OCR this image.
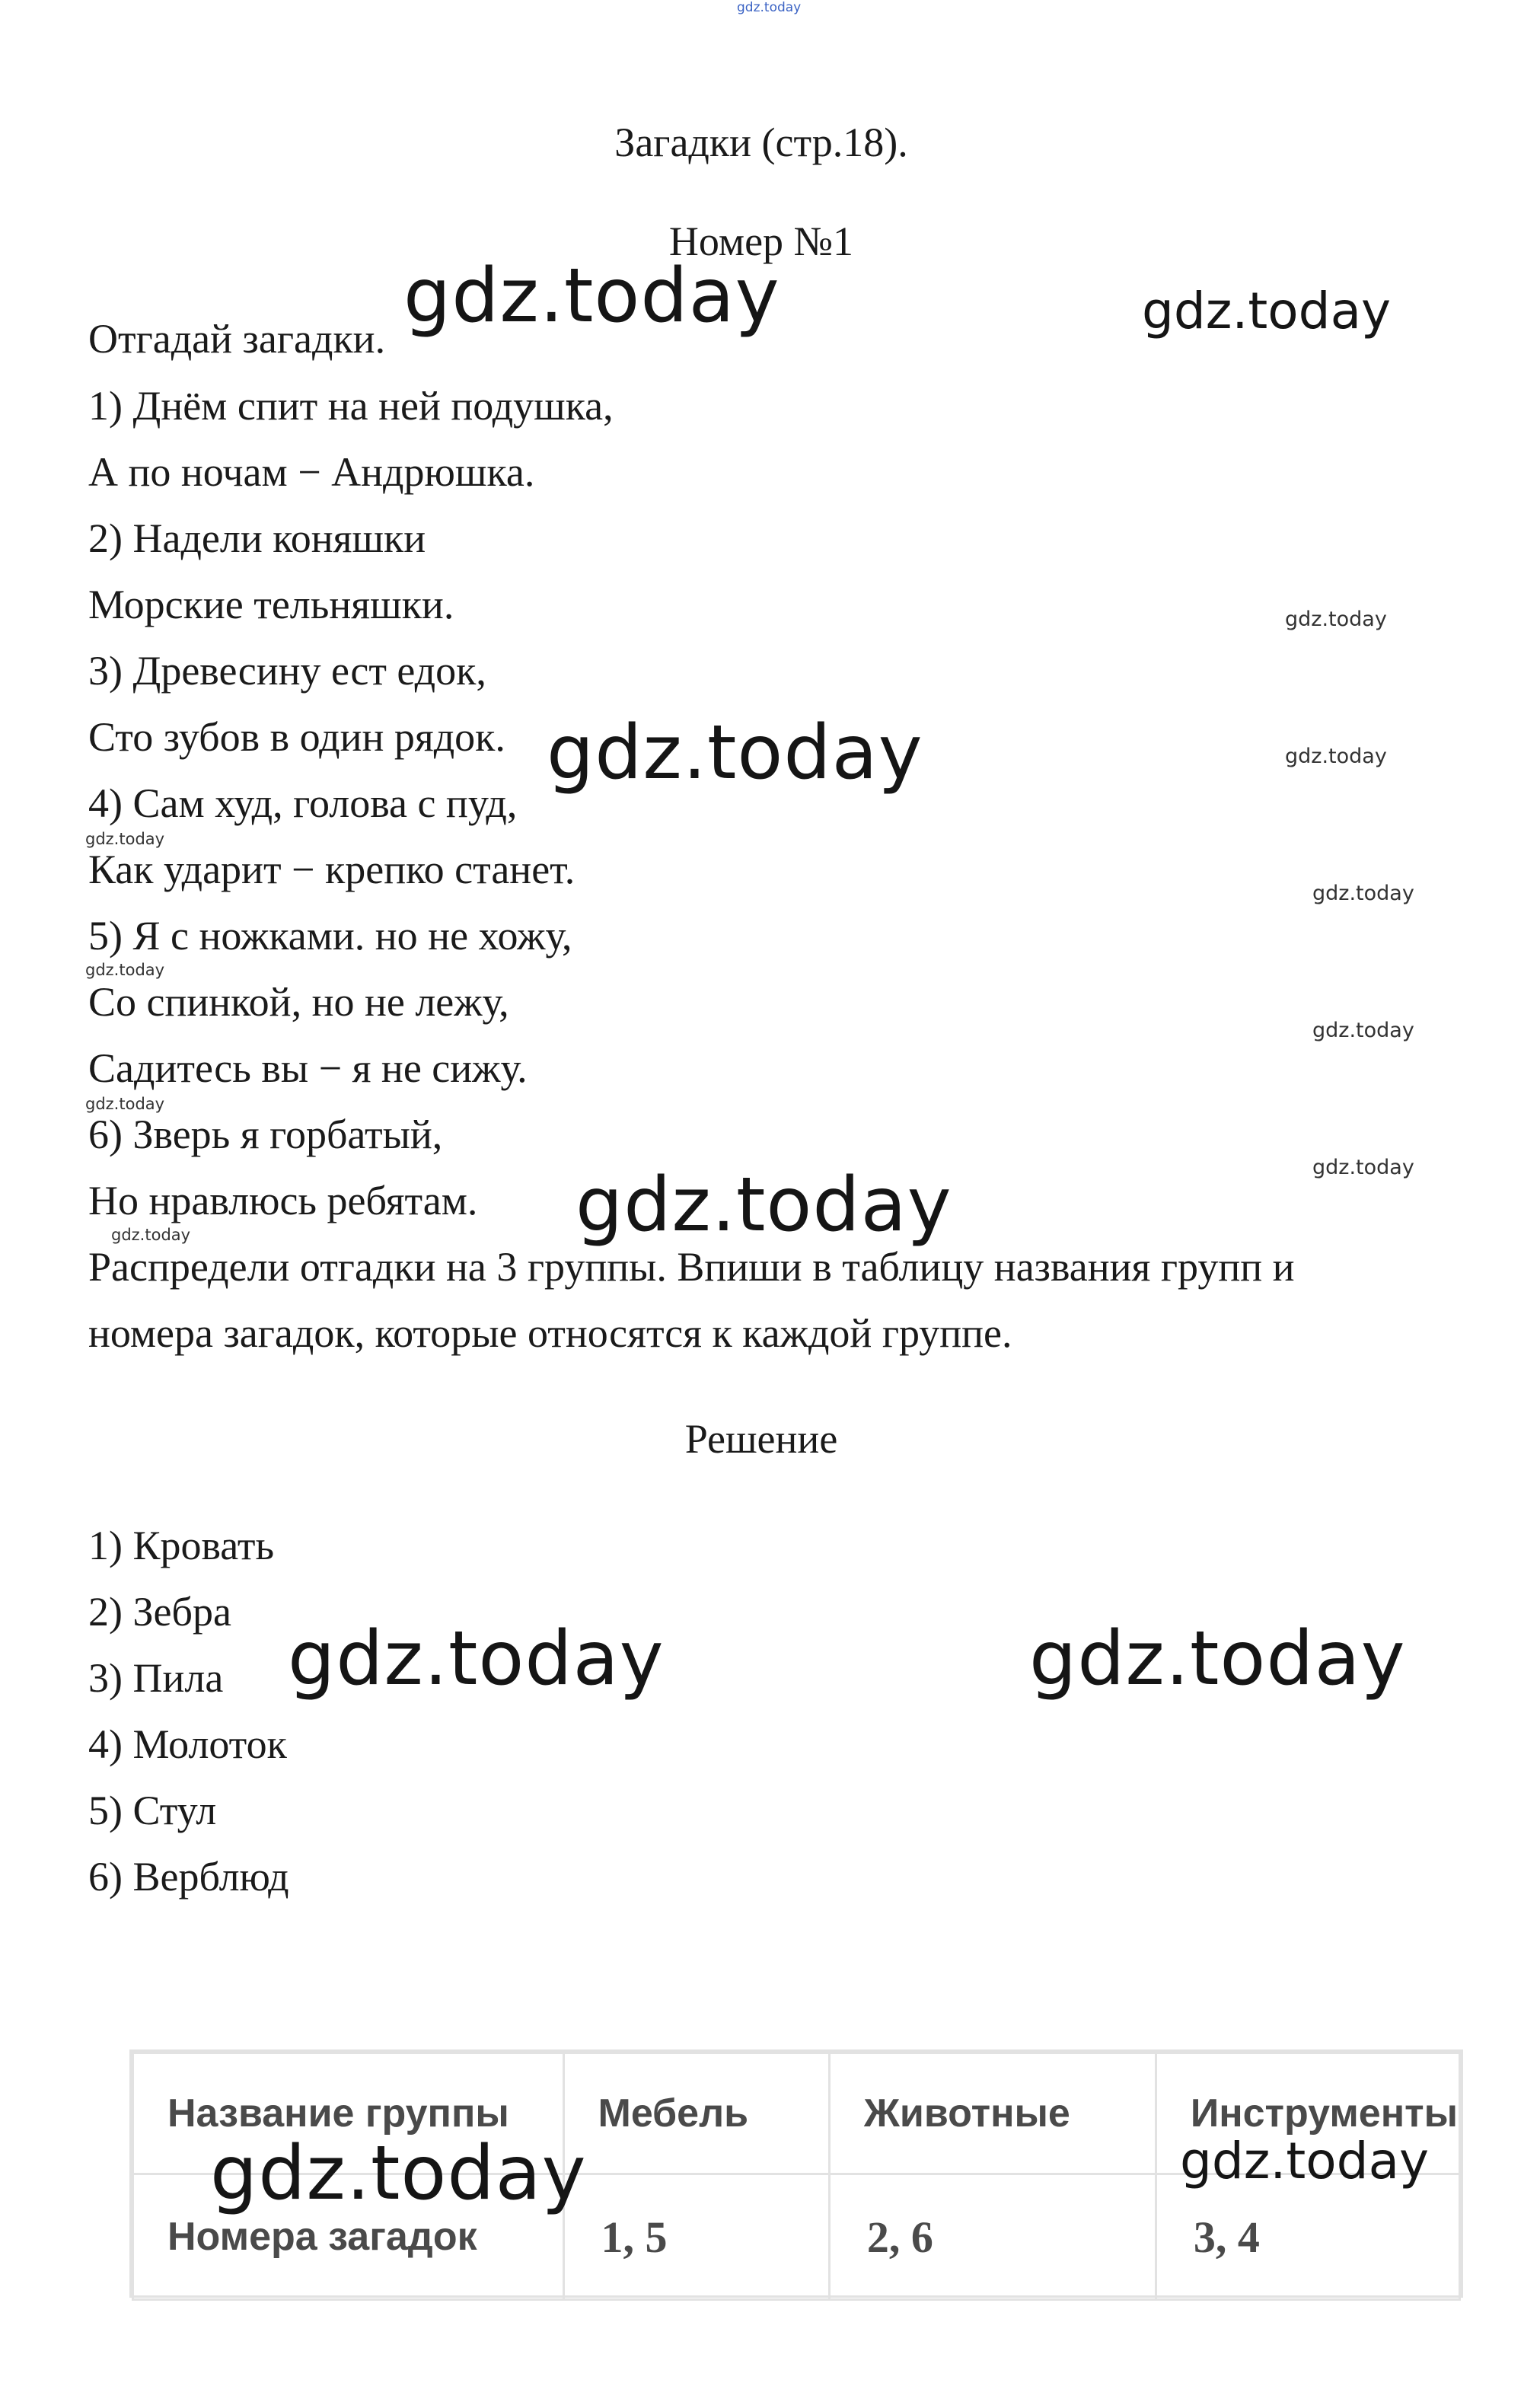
gdz.today
Загадки (стр.18).
Номер №1
Отгадай загадки.
1) Днём спит на ней подушка,
А по ночам − Андрюшка.
2) Надели коняшки
Морские тельняшки.
3) Древесину ест едок,
Сто зубов в один рядок.
4) Сам худ, голова с пуд,
Как ударит − крепко станет.
5) Я с ножками. но не хожу,
Со спинкой, но не лежу,
Садитесь вы − я не сижу.
6) Зверь я горбатый,
Но нравлюсь ребятам.
Распредели отгадки на 3 группы. Впиши в таблицу названия групп и
номера загадок, которые относятся к каждой группе.
Решение
1) Кровать
2) Зебра
3) Пила
4) Молоток
5) Стул
6) Верблюд
Название группы	Мебель	Животные	Инструменты
Номера загадок	1, 5	2, 6	3, 4
gdz.today	gdz.today
gdz.today
gdz.today
gdz.today	gdz.today
gdz.today	gdz.today
gdz.today
gdz.today
gdz.today
gdz.today
gdz.today
gdz.today
gdz.today
gdz.today
gdz.today
